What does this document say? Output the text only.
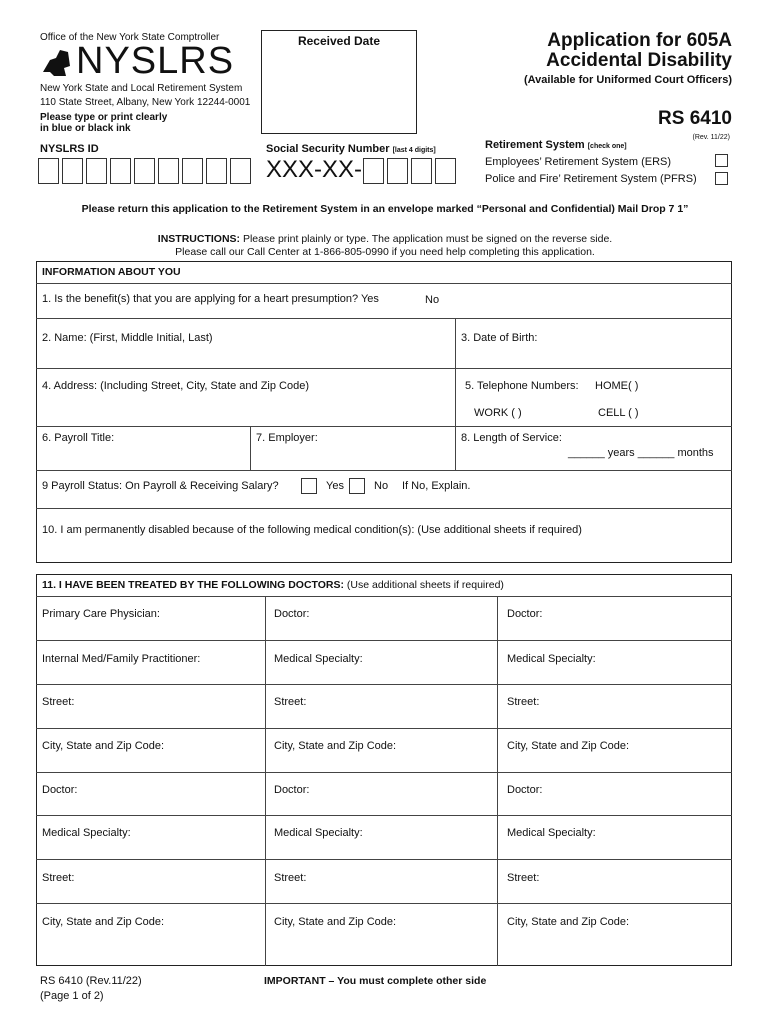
Office of the New York State Comptroller
NYSLRS
New York State and Local Retirement System
110 State Street, Albany, New York 12244-0001
Please type or print clearly
in blue or black ink
Received Date	Application for 605A
Accidental Disability
(Available for Uniformed Court Officers)
RS 6410
(Rev. 11/22)
NYSLRS ID	Social Security Number [last 4 digits]
XXX-XX-
Retirement System [check one]
Employees’ Retirement System (ERS)
Police and Fire’ Retirement System (PFRS)
Please return this application to the Retirement System in an envelope marked “Personal and Confidential) Mail Drop 7 1”
INSTRUCTIONS: Please print plainly or type. The application must be signed on the reverse side.
Please call our Call Center at 1-866-805-0990 if you need help completing this application.
INFORMATION ABOUT YOU
1. Is the benefit(s) that you are applying for a heart presumption? Yes	No
2. Name: (First, Middle Initial, Last)	3. Date of Birth:
4. Address: (Including Street, City, State and Zip Code)	5. Telephone Numbers: HOME( )
WORK ( )	CELL ( )
6. Payroll Title:	7. Employer:	8. Length of Service:
______ years ______ months
9 Payroll Status: On Payroll & Receiving Salary?	Yes	No If No, Explain.
10. I am permanently disabled because of the following medical condition(s): (Use additional sheets if required)
11. I HAVE BEEN TREATED BY THE FOLLOWING DOCTORS: (Use additional sheets if required)
Primary Care Physician:	Doctor:	Doctor:
Internal Med/Family Practitioner:	Medical Specialty:	Medical Specialty:
Street:	Street:	Street:
City, State and Zip Code:	City, State and Zip Code:	City, State and Zip Code:
Doctor:	Doctor:	Doctor:
Medical Specialty:	Medical Specialty:	Medical Specialty:
Street:	Street:	Street:
City, State and Zip Code:	City, State and Zip Code:	City, State and Zip Code:
RS 6410 (Rev.11/22)
(Page 1 of 2)
IMPORTANT – You must complete other side
